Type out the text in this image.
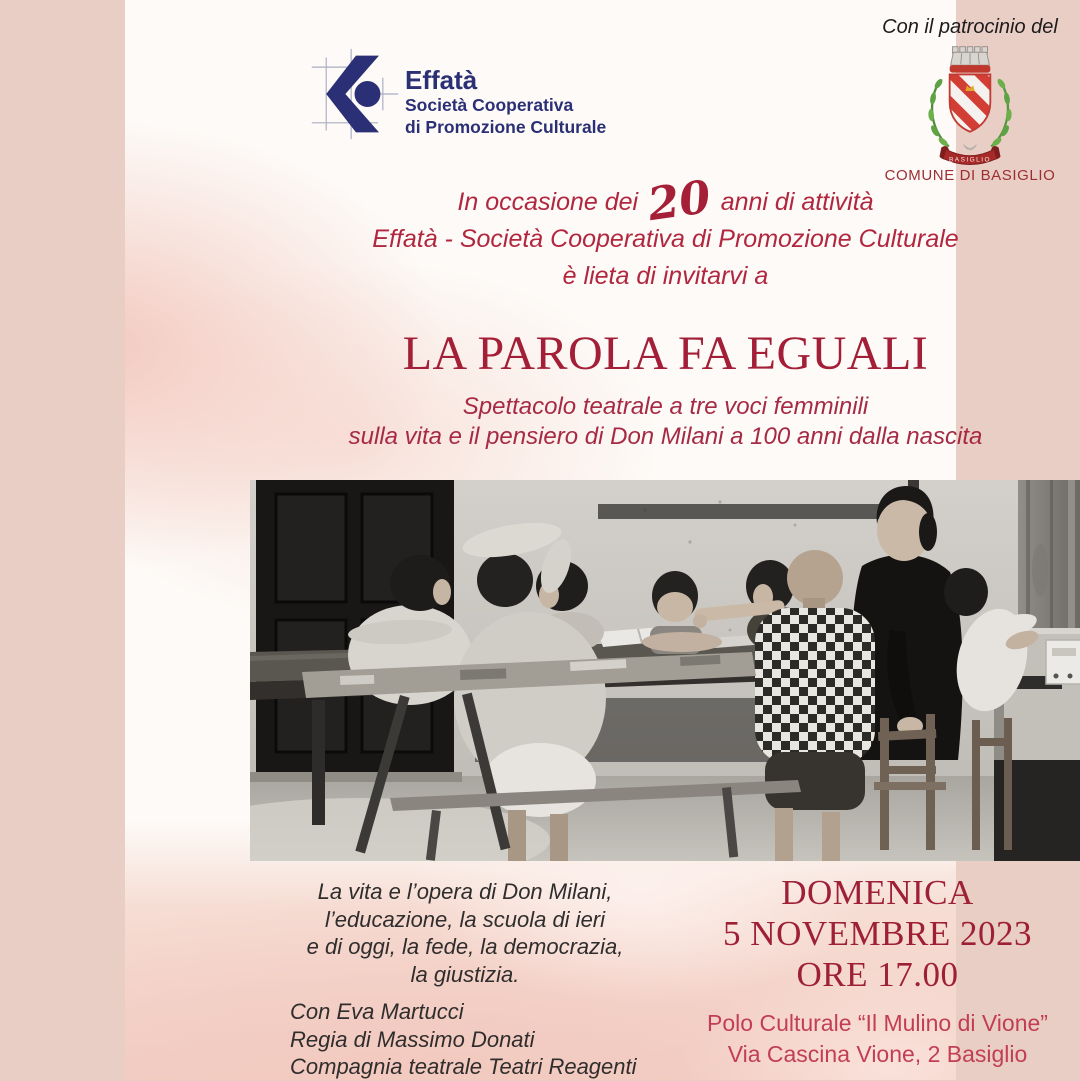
Effatà
Società Cooperativa
di Promozione Culturale
Con il patrocinio del
BASIGLIO
COMUNE DI BASIGLIO
In occasione dei 20 anni di attività
Effatà - Società Cooperativa di Promozione Culturale
è lieta di invitarvi a
LA PAROLA FA EGUALI
Spettacolo teatrale a tre voci femminili
sulla vita e il pensiero di Don Milani a 100 anni dalla nascita
La vita e l’opera di Don Milani,
l’educazione, la scuola di ieri
e di oggi, la fede, la democrazia,
la giustizia.
Con Eva Martucci
Regia di Massimo Donati
Compagnia teatrale Teatri Reagenti
DOMENICA
5 NOVEMBRE 2023
ORE 17.00
Polo Culturale “Il Mulino di Vione”
Via Cascina Vione, 2 Basiglio
